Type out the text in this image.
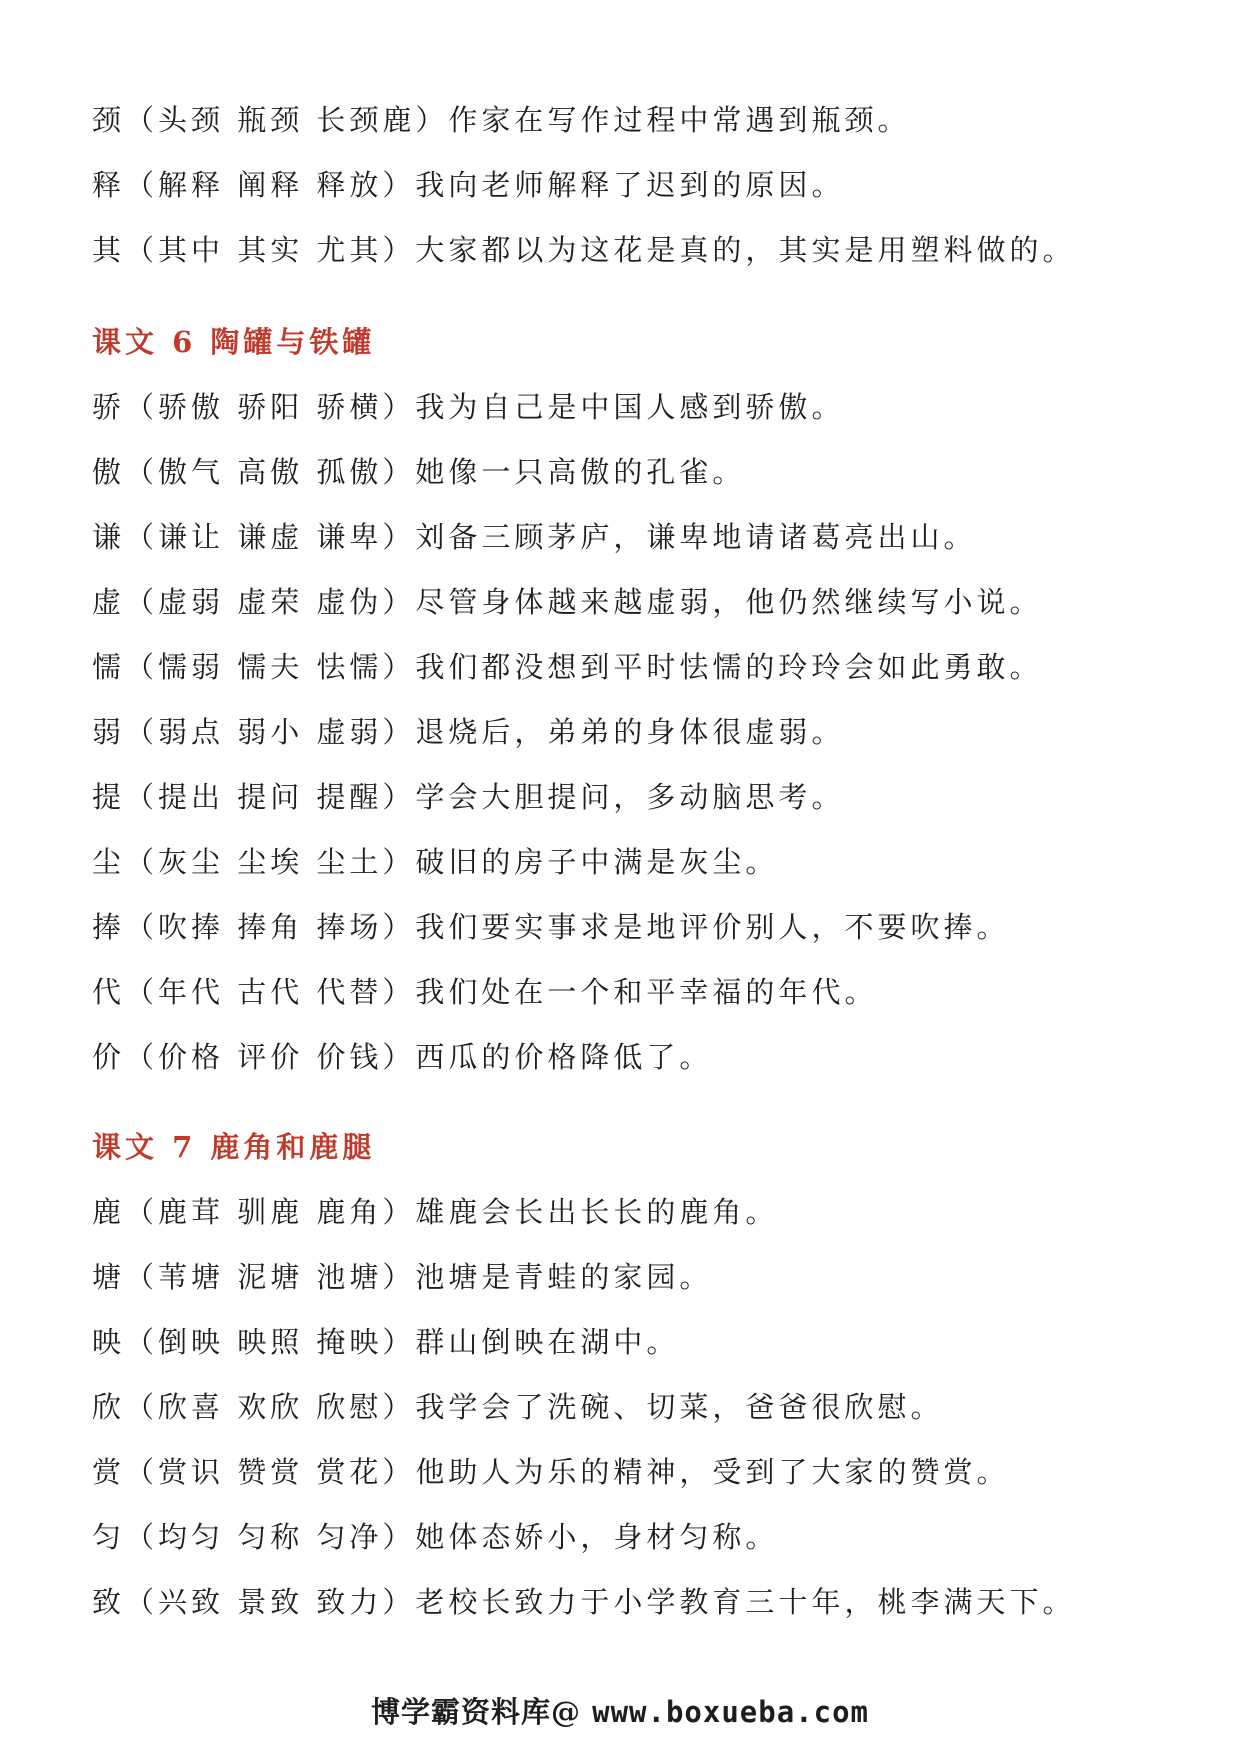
颈（头颈 瓶颈 长颈鹿）作家在写作过程中常遇到瓶颈。
释（解释 阐释 释放）我向老师解释了迟到的原因。
其（其中 其实 尤其）大家都以为这花是真的，其实是用塑料做的。
课文 6 陶罐与铁罐
骄（骄傲 骄阳 骄横）我为自己是中国人感到骄傲。
傲（傲气 高傲 孤傲）她像一只高傲的孔雀。
谦（谦让 谦虚 谦卑）刘备三顾茅庐，谦卑地请诸葛亮出山。
虚（虚弱 虚荣 虚伪）尽管身体越来越虚弱，他仍然继续写小说。
懦（懦弱 懦夫 怯懦）我们都没想到平时怯懦的玲玲会如此勇敢。
弱（弱点 弱小 虚弱）退烧后，弟弟的身体很虚弱。
提（提出 提问 提醒）学会大胆提问，多动脑思考。
尘（灰尘 尘埃 尘土）破旧的房子中满是灰尘。
捧（吹捧 捧角 捧场）我们要实事求是地评价别人，不要吹捧。
代（年代 古代 代替）我们处在一个和平幸福的年代。
价（价格 评价 价钱）西瓜的价格降低了。
课文 7 鹿角和鹿腿
鹿（鹿茸 驯鹿 鹿角）雄鹿会长出长长的鹿角。
塘（苇塘 泥塘 池塘）池塘是青蛙的家园。
映（倒映 映照 掩映）群山倒映在湖中。
欣（欣喜 欢欣 欣慰）我学会了洗碗、切菜，爸爸很欣慰。
赏（赏识 赞赏 赏花）他助人为乐的精神，受到了大家的赞赏。
匀（均匀 匀称 匀净）她体态娇小，身材匀称。
致（兴致 景致 致力）老校长致力于小学教育三十年，桃李满天下。
博学霸资料库@ www.boxueba.com
